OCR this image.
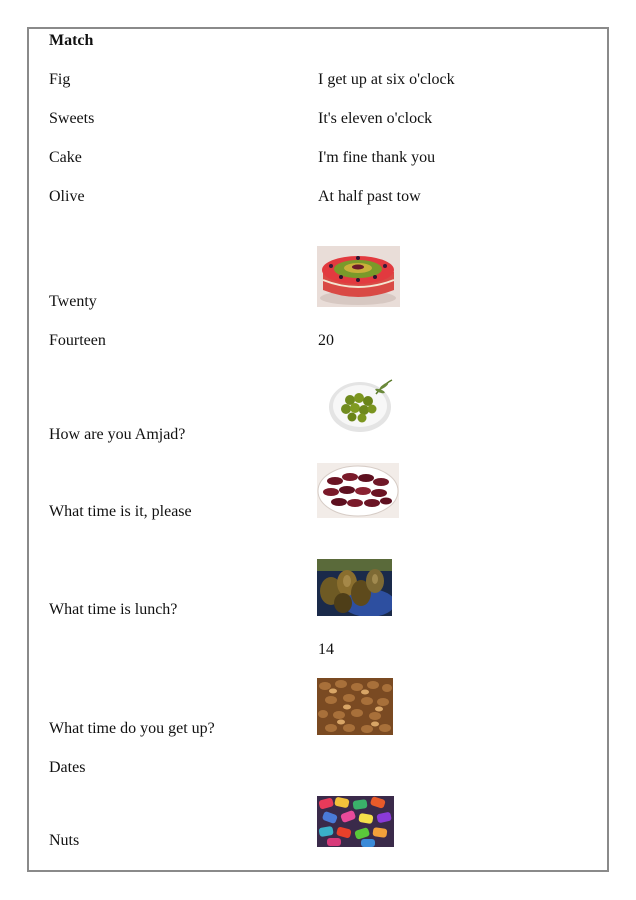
Match
Fig
Sweets
Cake
Olive
Twenty
Fourteen
How are you Amjad?
What time is it, please
What time is lunch?
What time do you get up?
Dates
Nuts
I get up at six o'clock
It's eleven o'clock
I'm fine thank you
At half past tow
20
14
